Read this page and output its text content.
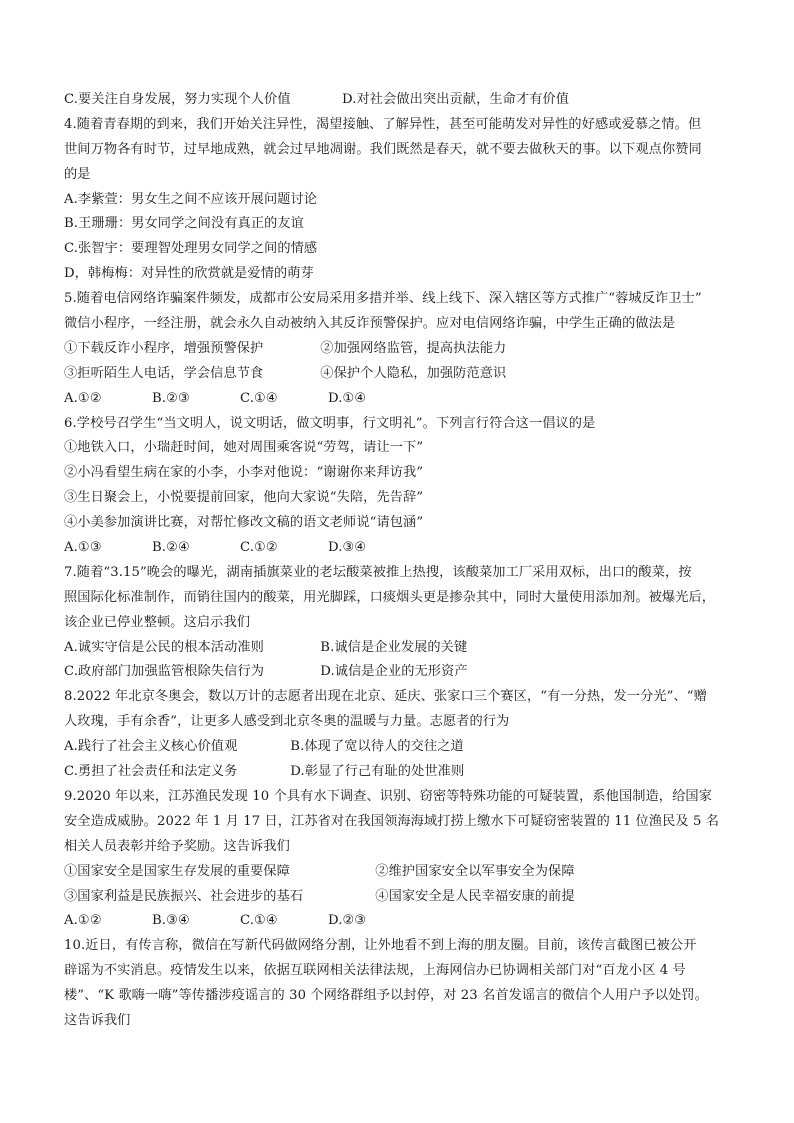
C.要关注自身发展，努力实现个人价值	D.对社会做出突出贡献，生命才有价值
4.随着青春期的到来，我们开始关注异性，渴望接触、了解异性，甚至可能萌发对异性的好感或爱慕之情。但
世间万物各有时节，过早地成熟，就会过早地凋谢。我们既然是春天，就不要去做秋天的事。以下观点你赞同
的是
A.李紫萱：男女生之间不应该开展问题讨论
B.王珊珊：男女同学之间没有真正的友谊
C.张智宇：要理智处理男女同学之间的情感
D，韩梅梅：对异性的欣赏就是爱情的萌芽
5.随着电信网络诈骗案件频发，成都市公安局采用多措并举、线上线下、深入辖区等方式推广“蓉城反诈卫士”
微信小程序，一经注册，就会永久自动被纳入其反诈预警保护。应对电信网络诈骗，中学生正确的做法是
①下载反诈小程序，增强预警保护	②加强网络监管，提高执法能力
③拒听陌生人电话，学会信息节食	④保护个人隐私，加强防范意识
A.①②	B.②③	C.①④	D.①④
6.学校号召学生“当文明人，说文明话，做文明事，行文明礼”。下列言行符合这一倡议的是
①地铁入口，小瑞赶时间，她对周围乘客说“劳驾，请让一下”
②小冯看望生病在家的小李，小李对他说：“谢谢你来拜访我”
③生日聚会上，小悦要提前回家，他向大家说“失陪，先告辞”
④小美参加演讲比赛，对帮忙修改文稿的语文老师说“请包涵”
A.①③	B.②④	C.①②	D.③④
7.随着“3.15”晚会的曝光，湖南插旗菜业的老坛酸菜被推上热搜，该酸菜加工厂采用双标，出口的酸菜，按
照国际化标准制作，而销往国内的酸菜，用光脚踩，口痰烟头更是掺杂其中，同时大量使用添加剂。被爆光后，
该企业已停业整顿。这启示我们
A.诚实守信是公民的根本活动准则	B.诚信是企业发展的关键
C.政府部门加强监管根除失信行为	D.诚信是企业的无形资产
8.2022 年北京冬奥会，数以万计的志愿者出现在北京、延庆、张家口三个赛区，“有一分热，发一分光”、“赠
人玫瑰，手有余香”，让更多人感受到北京冬奥的温暖与力量。志愿者的行为
A.践行了社会主义核心价值观	B.体现了宽以待人的交往之道
C.勇担了社会责任和法定义务	D.彰显了行己有耻的处世准则
9.2020 年以来，江苏渔民发现 10 个具有水下调查、识别、窃密等特殊功能的可疑装置，系他国制造，给国家
安全造成威胁。2022 年 1 月 17 日，江苏省对在我国领海海域打捞上缴水下可疑窃密装置的 11 位渔民及 5 名
相关人员表彰并给予奖励。这告诉我们
①国家安全是国家生存发展的重要保障	②维护国家安全以军事安全为保障
③国家利益是民族振兴、社会进步的基石	④国家安全是人民幸福安康的前提
A.①②	B.③④	C.①④	D.②③
10.近日，有传言称，微信在写新代码做网络分割，让外地看不到上海的朋友圈。目前，该传言截图已被公开
辟谣为不实消息。疫情发生以来，依据互联网相关法律法规，上海网信办已协调相关部门对“百龙小区 4 号
楼”、“K 歌嗨一嗨”等传播涉疫谣言的 30 个网络群组予以封停，对 23 名首发谣言的微信个人用户予以处罚。
这告诉我们
